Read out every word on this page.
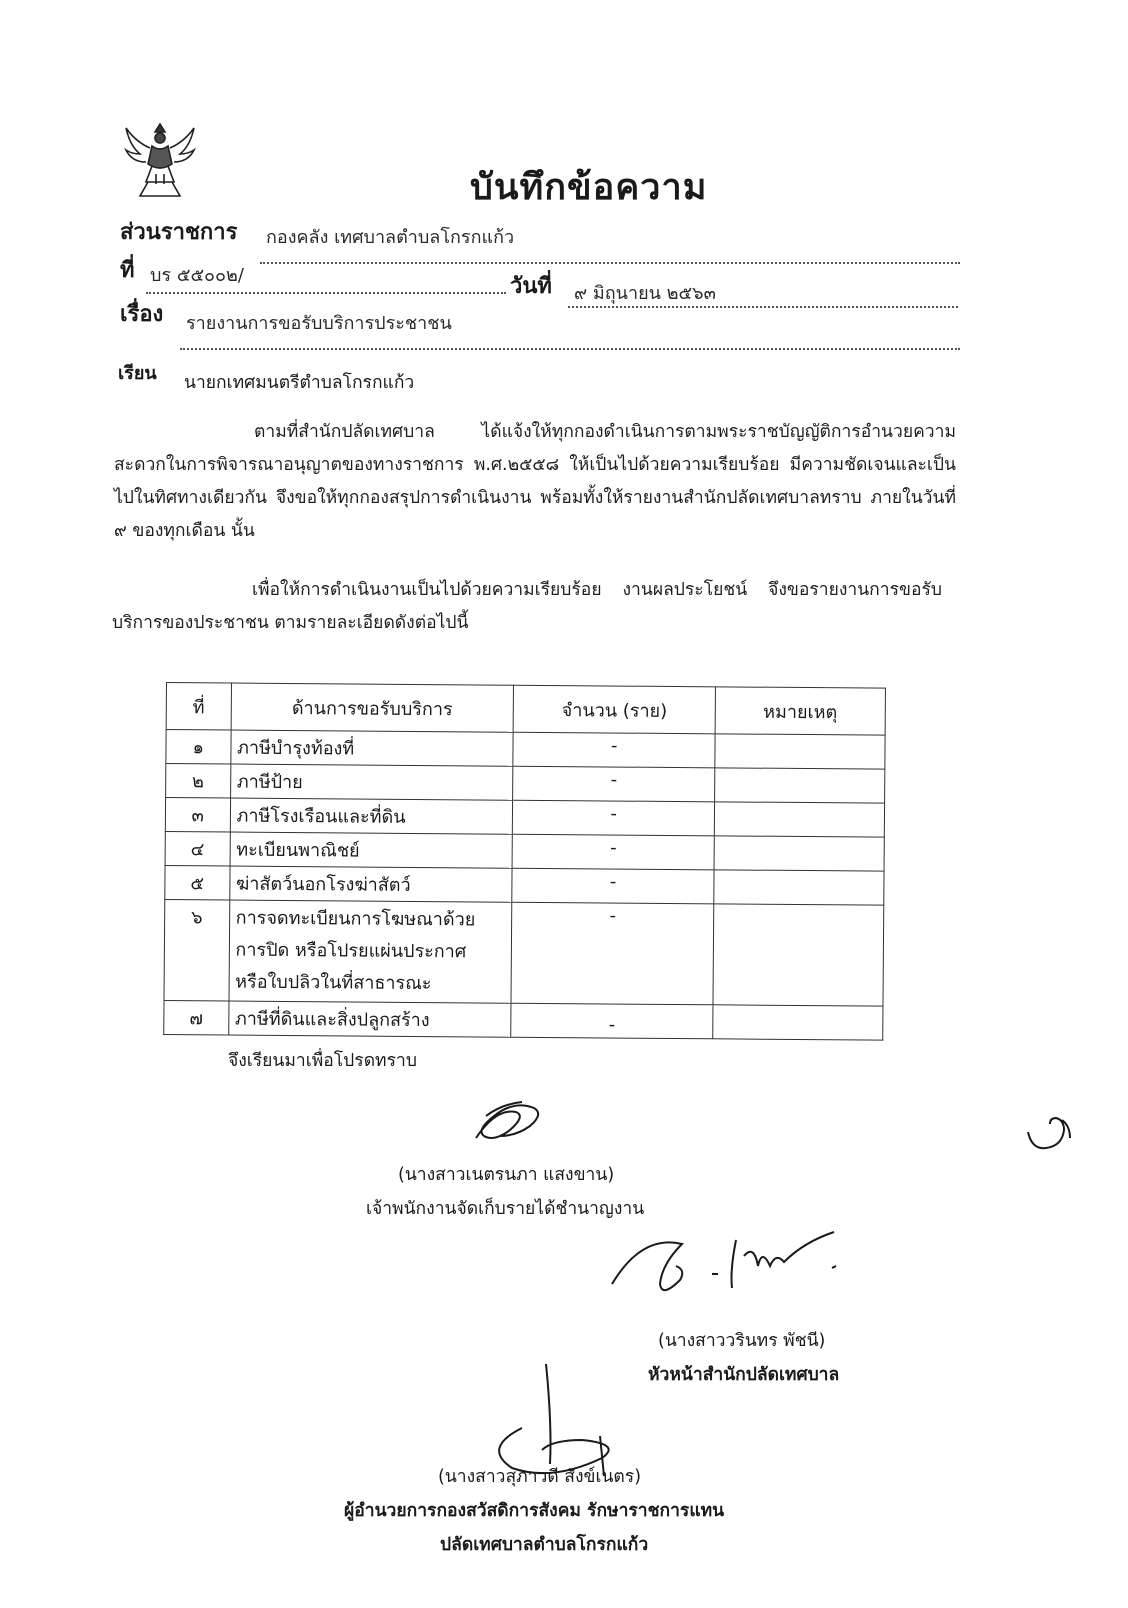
บันทึกข้อความ
ส่วนราชการ กองคลัง เทศบาลตำบลโกรกแก้ว
ที่ บร ๕๕๐๐๒/	วันที่ ๙ มิถุนายน ๒๕๖๓
เรื่อง รายงานการขอรับบริการประชาชน
เรียน นายกเทศมนตรีตำบลโกรกแก้ว
ตามที่สำนักปลัดเทศบาล ได้แจ้งให้ทุกกองดำเนินการตามพระราชบัญญัติการอำนวยความสะดวกในการพิจารณาอนุญาตของทางราชการ พ.ศ.๒๕๕๘ ให้เป็นไปด้วยความเรียบร้อย มีความชัดเจนและเป็นไปในทิศทางเดียวกัน จึงขอให้ทุกกองสรุปการดำเนินงาน พร้อมทั้งให้รายงานสำนักปลัดเทศบาลทราบ ภายในวันที่ ๙ ของทุกเดือน นั้น
เพื่อให้การดำเนินงานเป็นไปด้วยความเรียบร้อย งานผลประโยชน์ จึงขอรายงานการขอรับบริการของประชาชน ตามรายละเอียดดังต่อไปนี้
ที่	ด้านการขอรับบริการ	จำนวน (ราย)	หมายเหตุ
๑	ภาษีบำรุงท้องที่	-	
๒	ภาษีป้าย	-	
๓	ภาษีโรงเรือนและที่ดิน	-	
๔	ทะเบียนพาณิชย์	-	
๕	ฆ่าสัตว์นอกโรงฆ่าสัตว์	-	
๖	การจดทะเบียนการโฆษณาด้วย
การปิด หรือโปรยแผ่นประกาศ
หรือใบปลิวในที่สาธารณะ	-	
๗	ภาษีที่ดินและสิ่งปลูกสร้าง	-	
จึงเรียนมาเพื่อโปรดทราบ
(นางสาวเนตรนภา แสงขาน)
เจ้าพนักงานจัดเก็บรายได้ชำนาญงาน
(นางสาววรินทร พัชนี)
หัวหน้าสำนักปลัดเทศบาล
(นางสาวสุภาวดี สังข์เนตร)
ผู้อำนวยการกองสวัสดิการสังคม รักษาราชการแทน
ปลัดเทศบาลตำบลโกรกแก้ว
